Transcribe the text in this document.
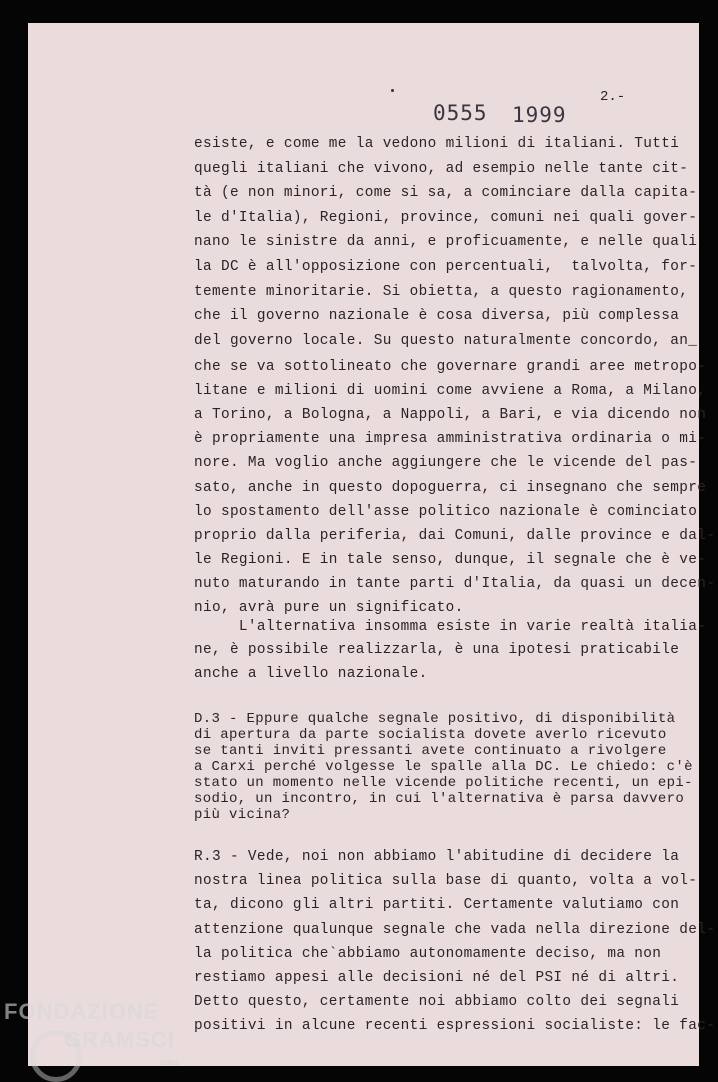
2.-
0555 1999
esiste, e come me la vedono milioni di italiani. Tutti
quegli italiani che vivono, ad esempio nelle tante cit-
tà (e non minori, come si sa, a cominciare dalla capita-
le d'Italia), Regioni, province, comuni nei quali gover-
nano le sinistre da anni, e proficuamente, e nelle quali
la DC è all'opposizione con percentuali,  talvolta, for-
temente minoritarie. Si obietta, a questo ragionamento,
che il governo nazionale è cosa diversa, più complessa
del governo locale. Su questo naturalmente concordo, an_
che se va sottolineato che governare grandi aree metropo-
litane e milioni di uomini come avviene a Roma, a Milano,
a Torino, a Bologna, a Nappoli, a Bari, e via dicendo non
è propriamente una impresa amministrativa ordinaria o mi-
nore. Ma voglio anche aggiungere che le vicende del pas-
sato, anche in questo dopoguerra, ci insegnano che sempre
lo spostamento dell'asse politico nazionale è cominciato
proprio dalla periferia, dai Comuni, dalle province e dal-
le Regioni. E in tale senso, dunque, il segnale che è ve-
nuto maturando in tante parti d'Italia, da quasi un decen-
nio, avrà pure un significato.
L'alternativa insomma esiste in varie realtà italia-
ne, è possibile realizzarla, è una ipotesi praticabile
anche a livello nazionale.
D.3 - Eppure qualche segnale positivo, di disponibilità
di apertura da parte socialista dovete averlo ricevuto
se tanti inviti pressanti avete continuato a rivolgere
a Carxi perché volgesse le spalle alla DC. Le chiedo: c'è
stato un momento nelle vicende politiche recenti, un epi-
sodio, un incontro, in cui l'alternativa è parsa davvero
più vicina?
R.3 - Vede, noi non abbiamo l'abitudine di decidere la
nostra linea politica sulla base di quanto, volta a vol-
ta, dicono gli altri partiti. Certamente valutiamo con
attenzione qualunque segnale che vada nella direzione del-
la politica che`abbiamo autonomamente deciso, ma non
restiamo appesi alle decisioni né del PSI né di altri.
Detto questo, certamente noi abbiamo colto dei segnali
positivi in alcune recenti espressioni socialiste: le fac-
FONDAZIONE
GRAMSCI
onlus
